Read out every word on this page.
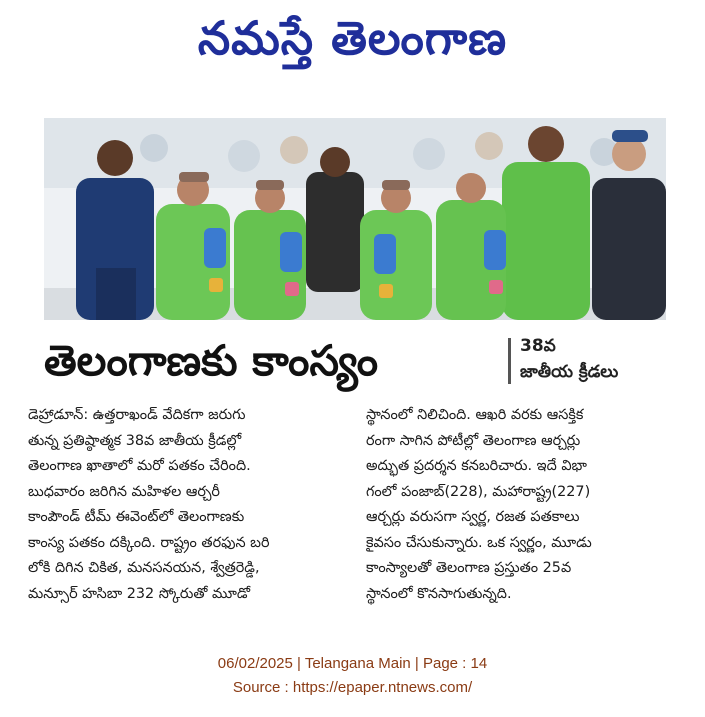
నమస్తే తెలంగాణ
తెలంగాణకు కాంస్యం	38వ
జాతీయ క్రీడలు
డెహ్రాడూన్: ఉత్తరాఖండ్ వేదికగా జరుగు
తున్న ప్రతిష్ఠాత్మక 38వ జాతీయ క్రీడల్లో
తెలంగాణ ఖాతాలో మరో పతకం చేరింది.
బుధవారం జరిగిన మహిళల ఆర్చరీ
కాంపౌండ్ టీమ్ ఈవెంట్‌లో తెలంగాణకు
కాంస్య పతకం దక్కింది. రాష్ట్రం తరఫున బరి
లోకి దిగిన చికిత, మనసనయన, శ్వేత్రరెడ్డి,
మన్సూర్ హసిబా 232 స్కోరుతో మూడో
స్థానంలో నిలిచింది. ఆఖరి వరకు ఆసక్తిక
రంగా సాగిన పోటీల్లో తెలంగాణ ఆర్చర్లు
అద్భుత ప్రదర్శన కనబరిచారు. ఇదే విభా
గంలో పంజాబ్(228), మహారాష్ట్ర(227)
ఆర్చర్లు వరుసగా స్వర్ణ, రజత పతకాలు
కైవసం చేసుకున్నారు. ఒక స్వర్ణం, మూడు
కాంస్యాలతో తెలంగాణ ప్రస్తుతం 25వ
స్థానంలో కొనసాగుతున్నది.
06/02/2025 | Telangana Main | Page : 14
Source : https://epaper.ntnews.com/
